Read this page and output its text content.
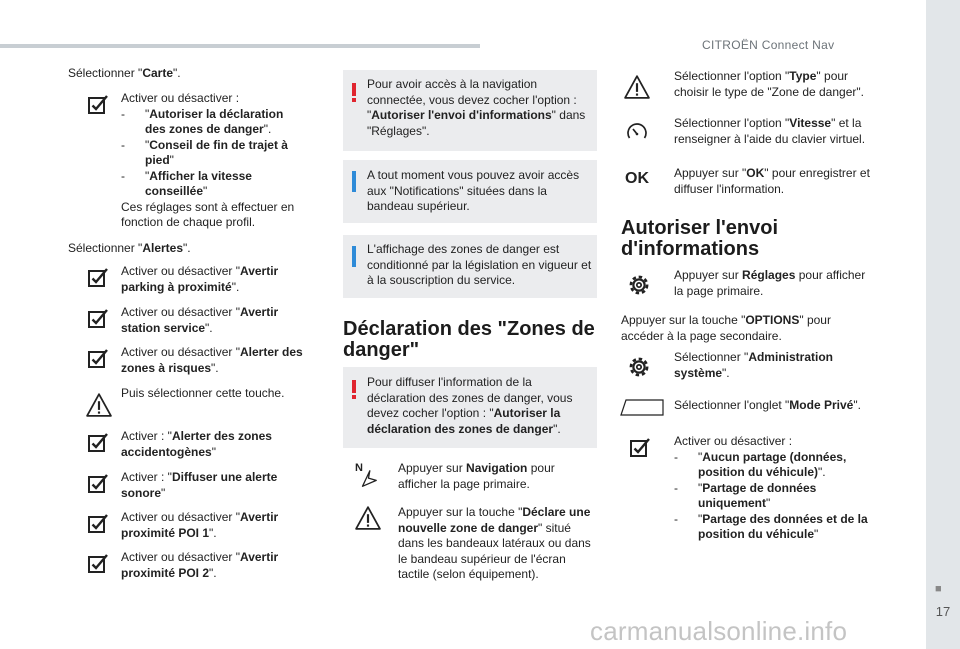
CITROËN Connect Nav
■
17
carmanualsonline.info
Sélectionner "Carte".
Activer ou désactiver :
- "Autoriser la déclaration des zones de danger".
- "Conseil de fin de trajet à pied"
- "Afficher la vitesse conseillée"
Ces réglages sont à effectuer en fonction de chaque profil.
Sélectionner "Alertes".
Activer ou désactiver "Avertir parking à proximité".
Activer ou désactiver "Avertir station service".
Activer ou désactiver "Alerter des zones à risques".
Puis sélectionner cette touche.
Activer : "Alerter des zones accidentogènes"
Activer : "Diffuser une alerte sonore"
Activer ou désactiver "Avertir proximité POI 1".
Activer ou désactiver "Avertir proximité POI 2".
Pour avoir accès à la navigation connectée, vous devez cocher l'option : "Autoriser l'envoi d'informations" dans "Réglages".
A tout moment vous pouvez avoir accès aux "Notifications" situées dans la bandeau supérieur.
L'affichage des zones de danger est conditionné par la législation en vigueur et à la souscription du service.
Déclaration des "Zones de danger"
Pour diffuser l'information de la déclaration des zones de danger, vous devez cocher l'option : "Autoriser la déclaration des zones de danger".
N	Appuyer sur Navigation pour afficher la page primaire.
Appuyer sur la touche "Déclare une nouvelle zone de danger" situé dans les bandeaux latéraux ou dans le bandeau supérieur de l'écran tactile (selon équipement).
Sélectionner l'option "Type" pour choisir le type de "Zone de danger".
Sélectionner l'option "Vitesse" et la renseigner à l'aide du clavier virtuel.
OK Appuyer sur "OK" pour enregistrer et diffuser l'information.
Autoriser l'envoi d'informations
Appuyer sur Réglages pour afficher la page primaire.
Appuyer sur la touche "OPTIONS" pour accéder à la page secondaire.
Sélectionner "Administration système".
Sélectionner l'onglet "Mode Privé".
Activer ou désactiver :
- "Aucun partage (données, position du véhicule)".
- "Partage de données uniquement"
- "Partage des données et de la position du véhicule"
